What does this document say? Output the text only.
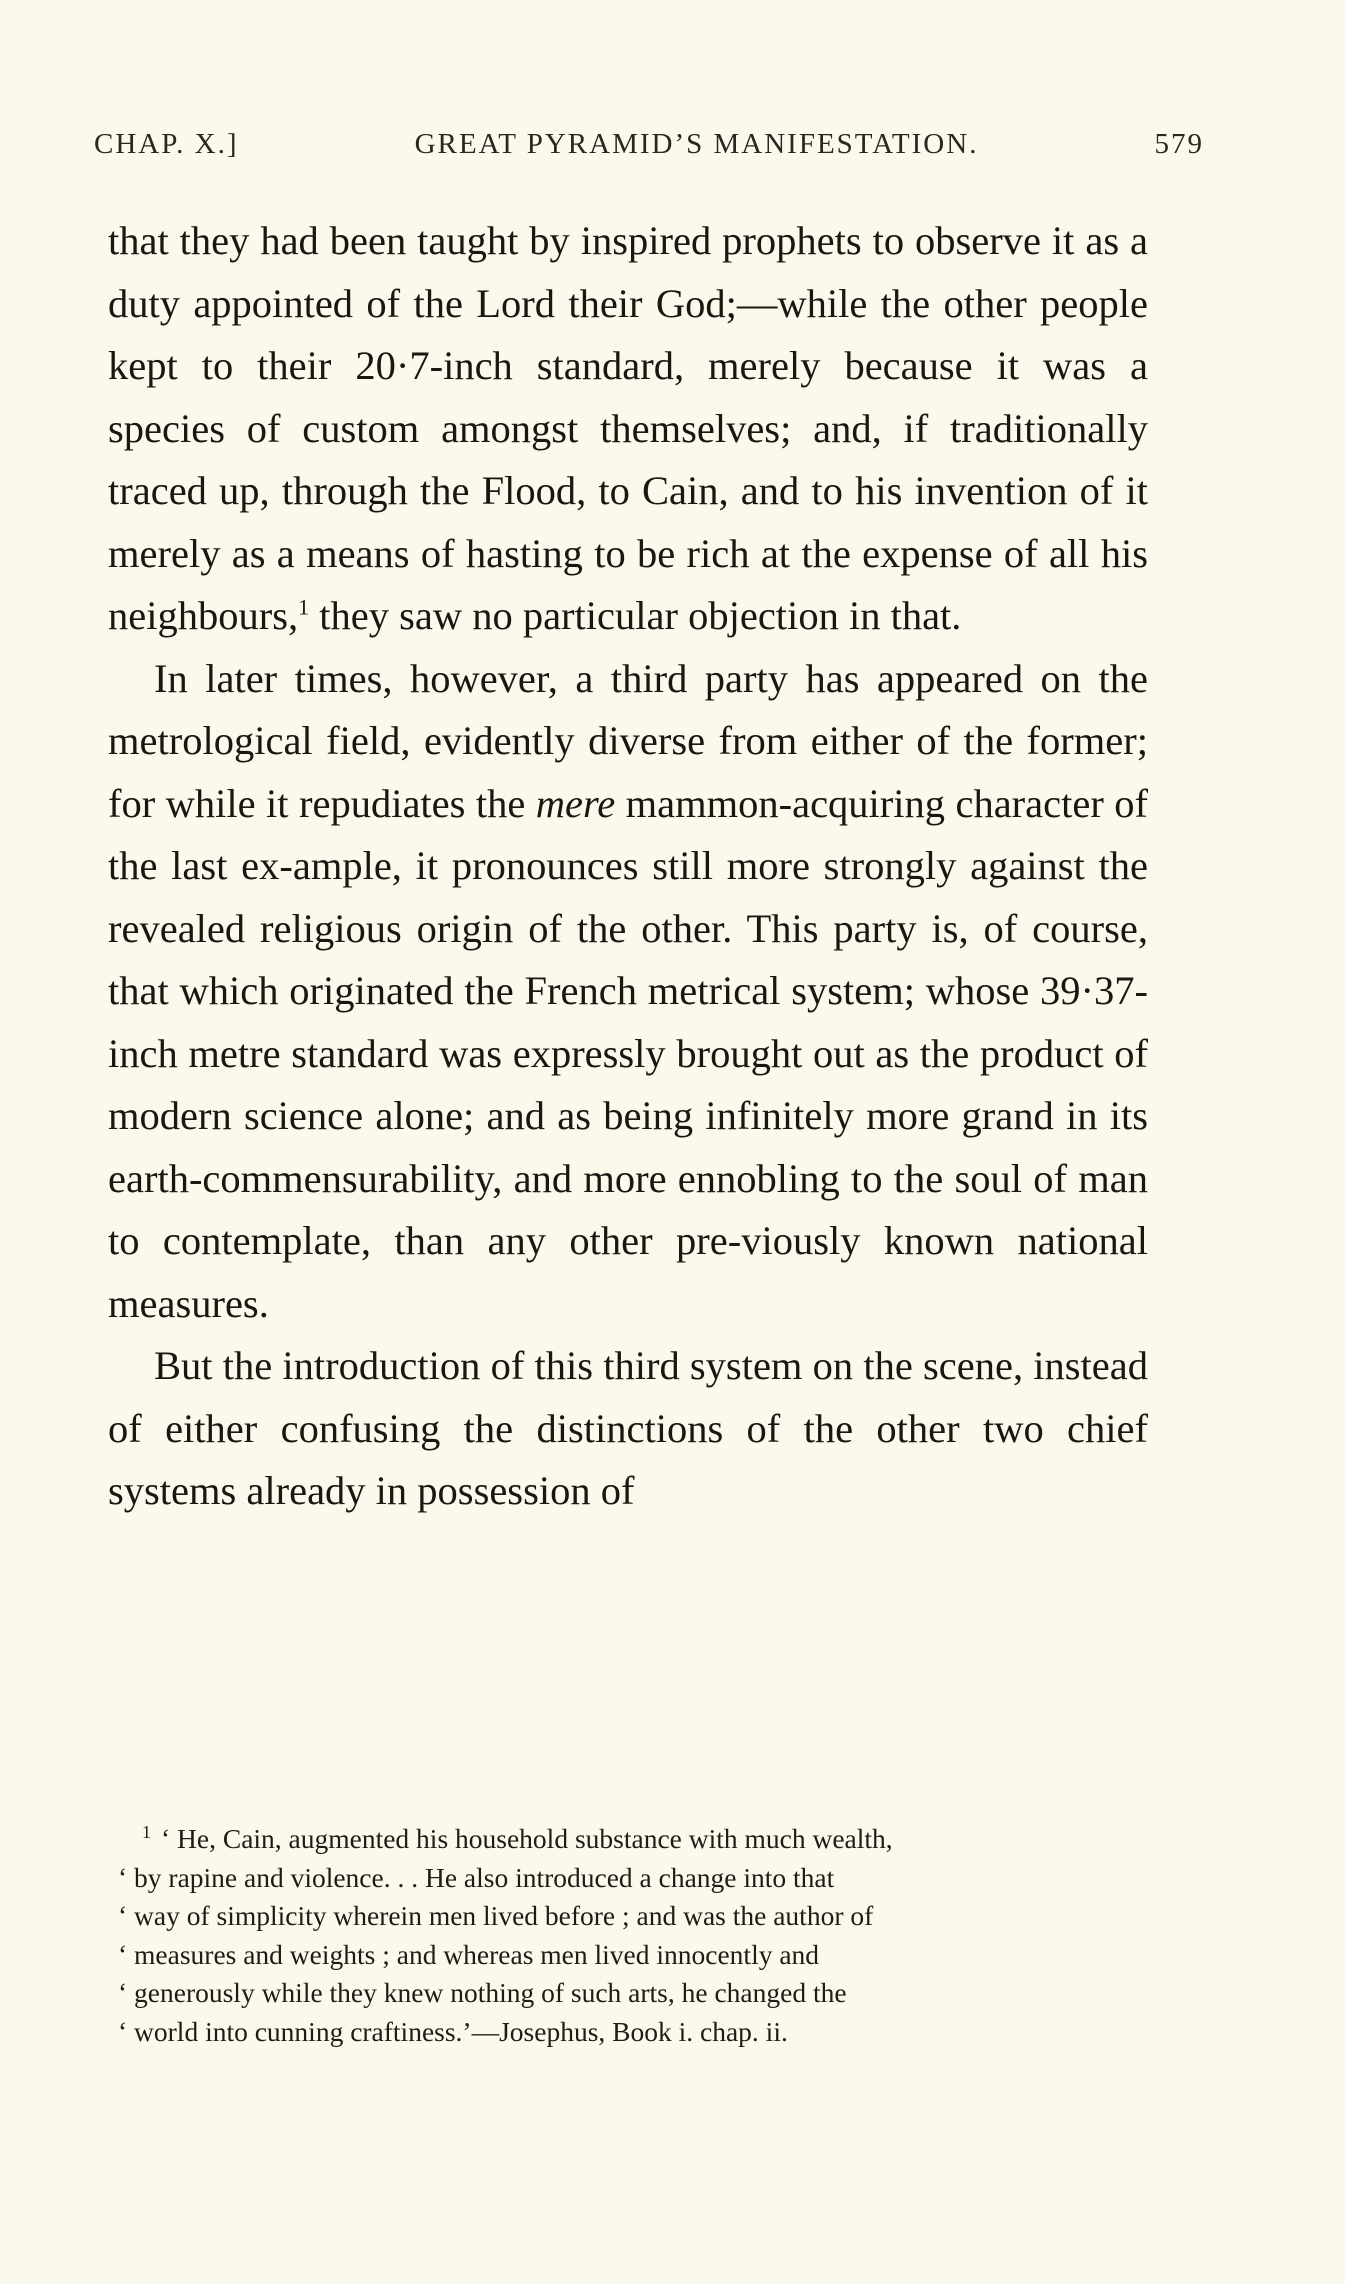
CHAP. X.]	GREAT PYRAMID’S MANIFESTATION.	579

that they had been taught by inspired prophets to observe it as a duty appointed of the Lord their God;—while the other people kept to their 20·7-inch standard, merely because it was a species of custom amongst themselves; and, if traditionally traced up, through the Flood, to Cain, and to his invention of it merely as a means of hasting to be rich at the expense of all his neighbours,$^1$ they saw no particular objection in that.

In later times, however, a third party has appeared on the metrological field, evidently diverse from either of the former; for while it repudiates the mere mammon-acquiring character of the last ex-ample, it pronounces still more strongly against the revealed religious origin of the other. This party is, of course, that which originated the French metrical system; whose 39·37-inch metre standard was expressly brought out as the product of modern science alone; and as being infinitely more grand in its earth-commensurability, and more ennobling to the soul of man to contemplate, than any other pre-viously known national measures.

But the introduction of this third system on the scene, instead of either confusing the distinctions of the other two chief systems already in possession of

$^1$ ‘ He, Cain, augmented his household substance with much wealth,
‘ by rapine and violence. . . He also introduced a change into that
‘ way of simplicity wherein men lived before ; and was the author of
‘ measures and weights ; and whereas men lived innocently and
‘ generously while they knew nothing of such arts, he changed the
‘ world into cunning craftiness.’—Josephus, Book i. chap. ii.
